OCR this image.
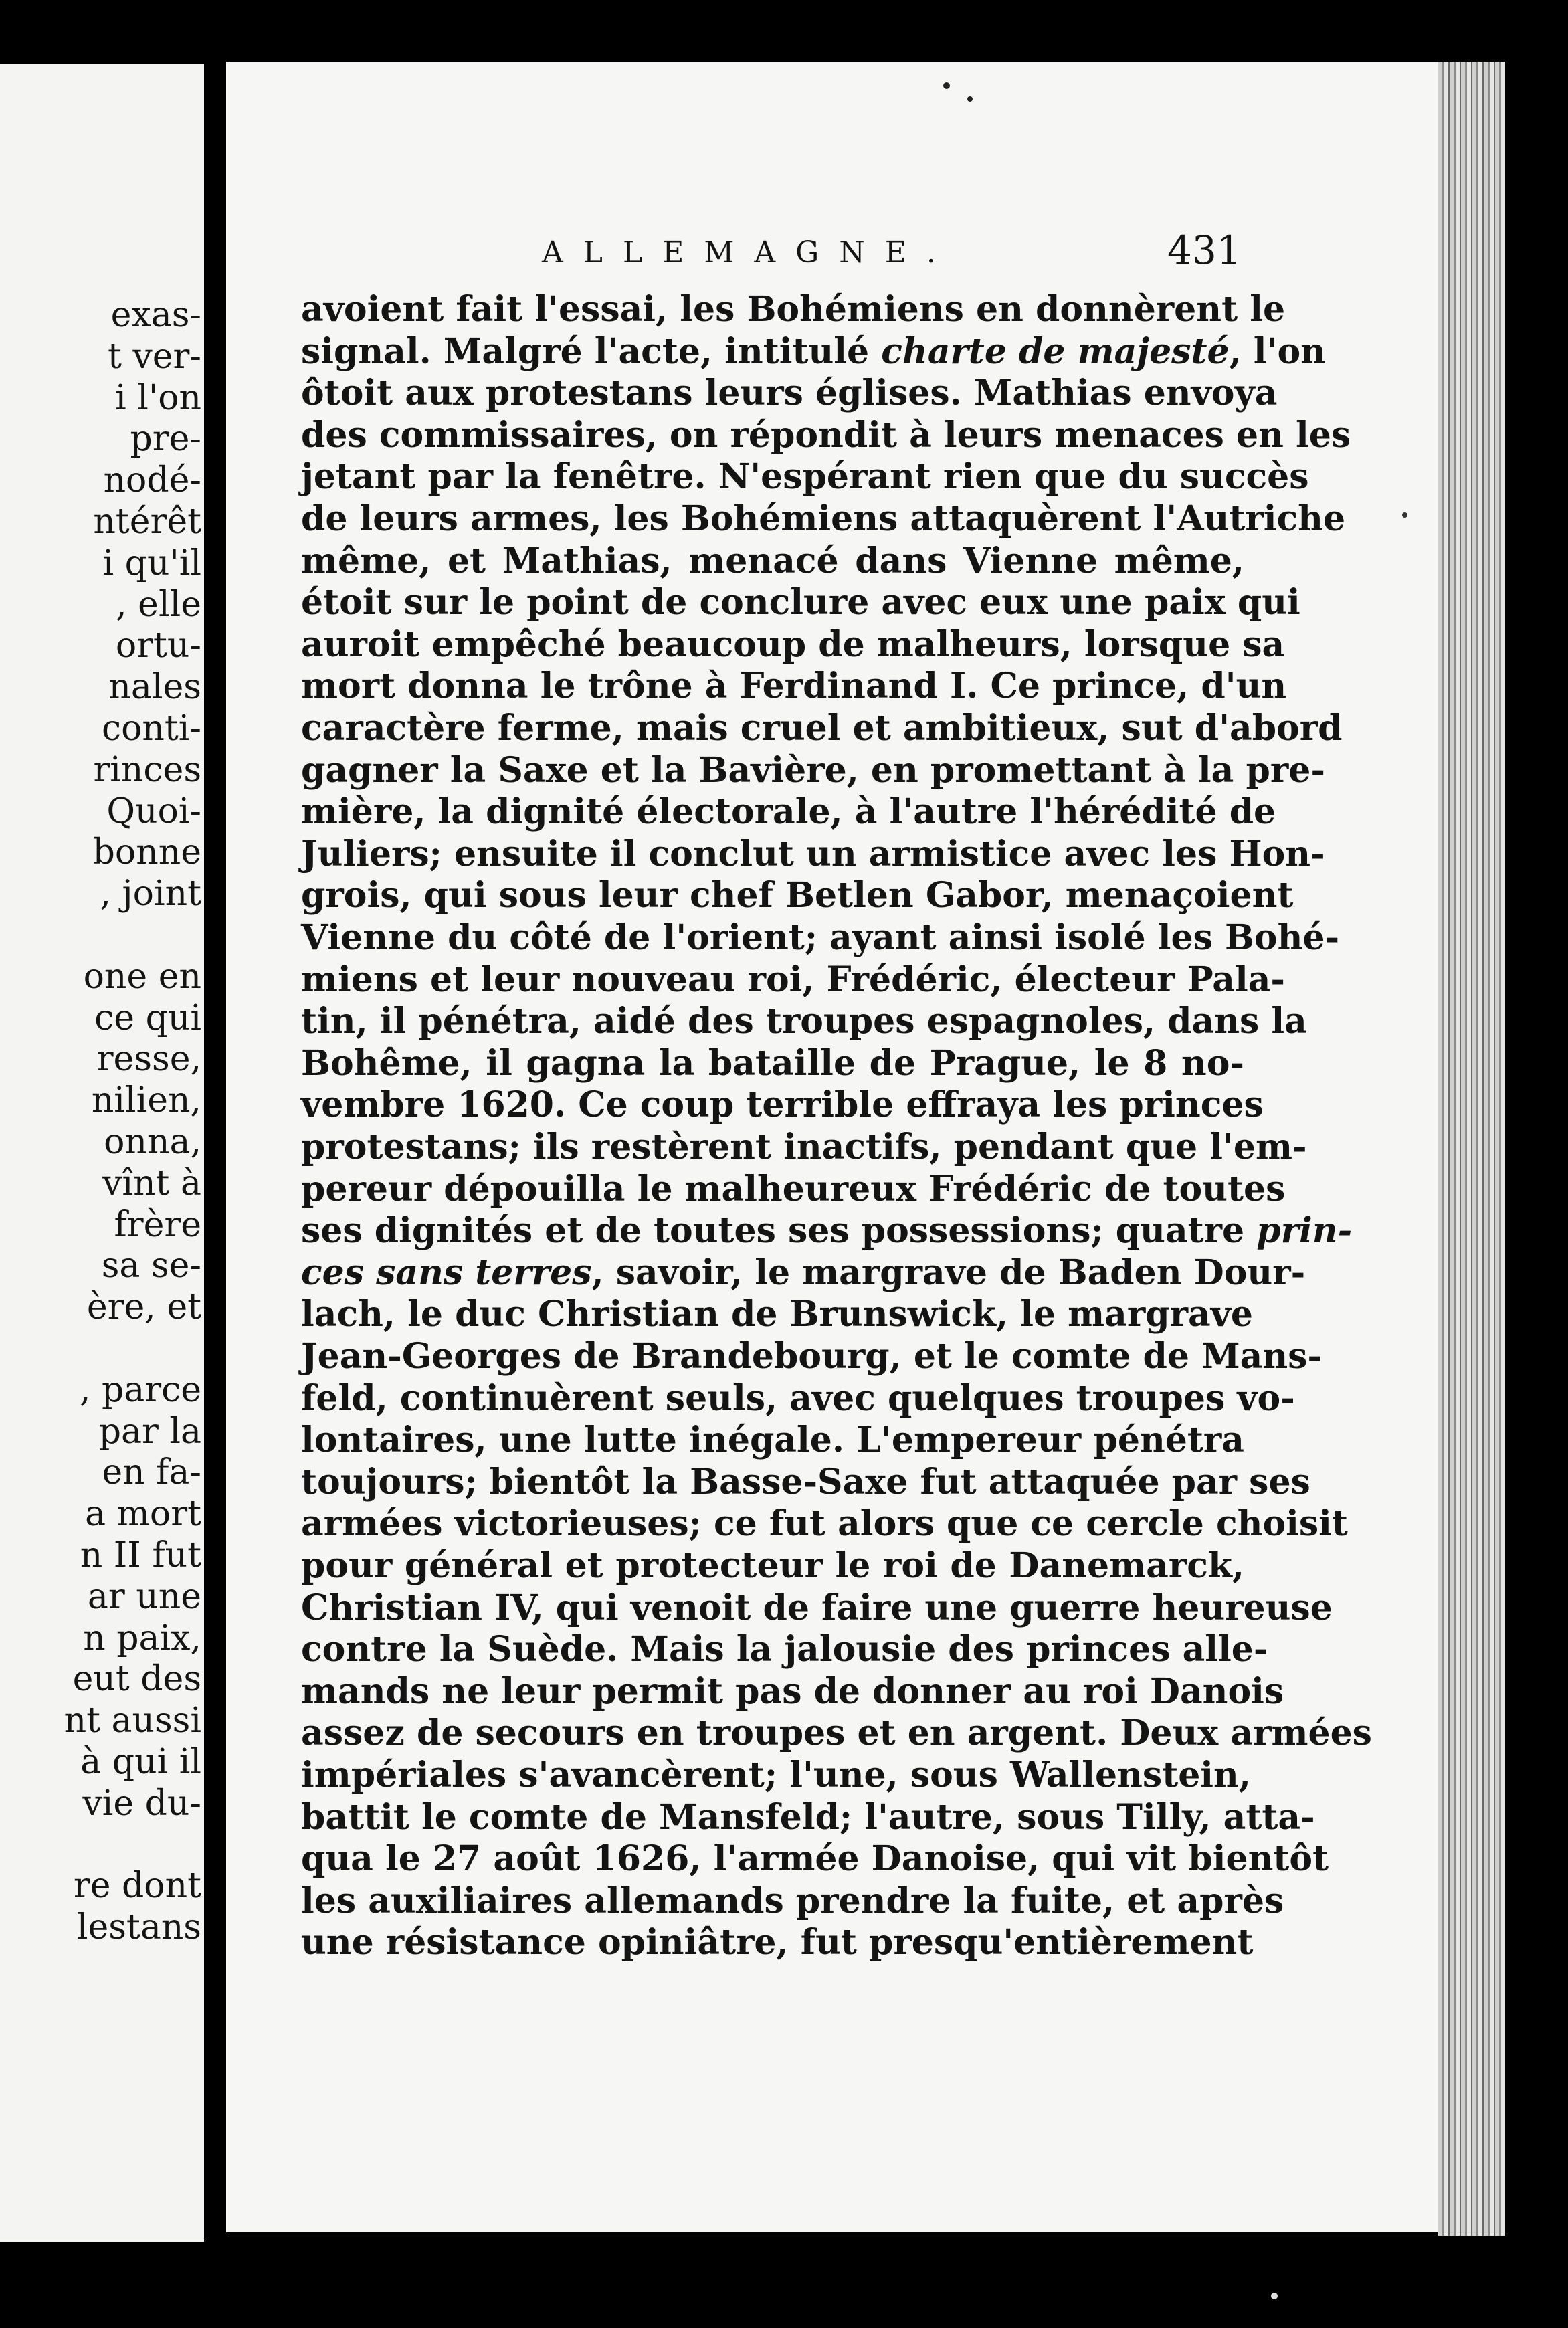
exas-
t ver-
i l'on
pre-
nodé-
ntérêt
i qu'il
, elle
ortu-
nales
conti-
rinces
Quoi-
bonne
, joint
one en
ce qui
resse,
nilien,
onna,
vînt à
frère
sa se-
ère, et
, parce
par la
en fa-
a mort
n II fut
ar une
n paix,
eut des
nt aussi
à qui il
vie du-
re dont
lestans
ALLEMAGNE.	431
avoient fait l'essai, les Bohémiens en donnèrent le
signal. Malgré l'acte, intitulé charte de majesté, l'on
ôtoit aux protestans leurs églises. Mathias envoya
des commissaires, on répondit à leurs menaces en les
jetant par la fenêtre. N'espérant rien que du succès
de leurs armes, les Bohémiens attaquèrent l'Autriche
même, et Mathias, menacé dans Vienne même,
étoit sur le point de conclure avec eux une paix qui
auroit empêché beaucoup de malheurs, lorsque sa
mort donna le trône à Ferdinand I. Ce prince, d'un
caractère ferme, mais cruel et ambitieux, sut d'abord
gagner la Saxe et la Bavière, en promettant à la pre-
mière, la dignité électorale, à l'autre l'hérédité de
Juliers; ensuite il conclut un armistice avec les Hon-
grois, qui sous leur chef Betlen Gabor, menaçoient
Vienne du côté de l'orient; ayant ainsi isolé les Bohé-
miens et leur nouveau roi, Frédéric, électeur Pala-
tin, il pénétra, aidé des troupes espagnoles, dans la
Bohême, il gagna la bataille de Prague, le 8 no-
vembre 1620. Ce coup terrible effraya les princes
protestans; ils restèrent inactifs, pendant que l'em-
pereur dépouilla le malheureux Frédéric de toutes
ses dignités et de toutes ses possessions; quatre prin-
ces sans terres, savoir, le margrave de Baden Dour-
lach, le duc Christian de Brunswick, le margrave
Jean-Georges de Brandebourg, et le comte de Mans-
feld, continuèrent seuls, avec quelques troupes vo-
lontaires, une lutte inégale. L'empereur pénétra
toujours; bientôt la Basse-Saxe fut attaquée par ses
armées victorieuses; ce fut alors que ce cercle choisit
pour général et protecteur le roi de Danemarck,
Christian IV, qui venoit de faire une guerre heureuse
contre la Suède. Mais la jalousie des princes alle-
mands ne leur permit pas de donner au roi Danois
assez de secours en troupes et en argent. Deux armées
impériales s'avancèrent; l'une, sous Wallenstein,
battit le comte de Mansfeld; l'autre, sous Tilly, atta-
qua le 27 août 1626, l'armée Danoise, qui vit bientôt
les auxiliaires allemands prendre la fuite, et après
une résistance opiniâtre, fut presqu'entièrement
